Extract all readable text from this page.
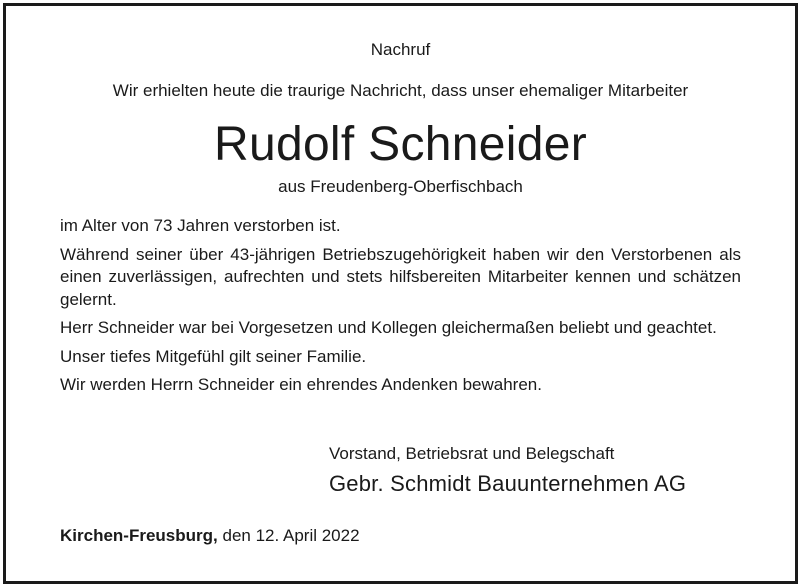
Nachruf
Wir erhielten heute die traurige Nachricht, dass unser ehemaliger Mitarbeiter
Rudolf Schneider
aus Freudenberg-Oberfischbach

im Alter von 73 Jahren verstorben ist.

Während seiner über 43-jährigen Betriebszugehörigkeit haben wir den Verstorbenen als einen zuverlässigen, aufrechten und stets hilfsbereiten Mitarbeiter kennen und schätzen gelernt.

Herr Schneider war bei Vorgesetzen und Kollegen gleichermaßen beliebt und geachtet.

Unser tiefes Mitgefühl gilt seiner Familie.

Wir werden Herrn Schneider ein ehrendes Andenken bewahren.

Vorstand, Betriebsrat und Belegschaft
Gebr. Schmidt Bauunternehmen AG
Kirchen-Freusburg, den 12. April 2022
